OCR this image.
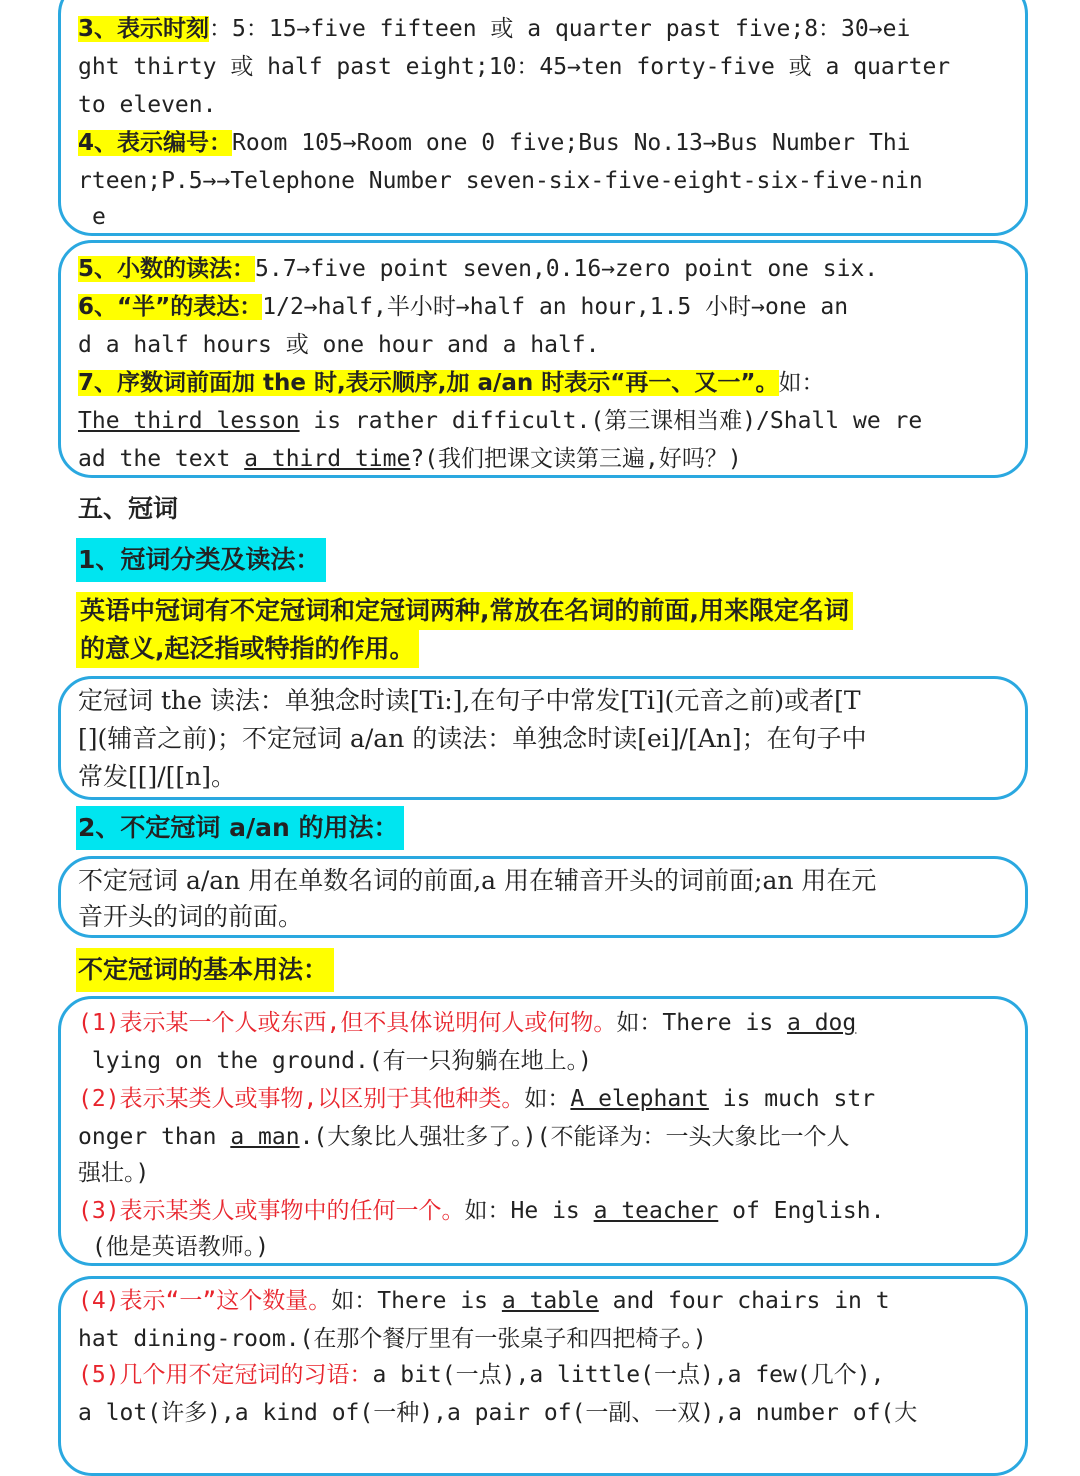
3、表示时刻：5：15→five fifteen 或 a quarter past five;8：30→ei
ght thirty 或 half past eight;10：45→ten forty-five 或 a quarter
to eleven.
4、表示编号：Room 105→Room one 0 five;Bus No.13→Bus Number Thi
rteen;P.5→→Telephone Number seven-six-five-eight-six-five-nin
e
5、小数的读法：5.7→five point seven,0.16→zero point one six.
6、“半”的表达：1/2→half,半小时→half an hour,1.5 小时→one an
d a half hours 或 one hour and a half.
7、序数词前面加 the 时,表示顺序,加 a/an 时表示“再一、又一”。如：
The third lesson is rather difficult.(第三课相当难)/Shall we re
ad the text a third time?(我们把课文读第三遍,好吗？)
五、冠词
1、冠词分类及读法：
英语中冠词有不定冠词和定冠词两种,常放在名词的前面,用来限定名词
的意义,起泛指或特指的作用。
定冠词 the 读法：单独念时读[Ti:],在句子中常发[Ti](元音之前)或者[T
[](辅音之前)；不定冠词 a/an 的读法：单独念时读[ei]/[An]；在句子中
常发[[]/[[n]。
2、不定冠词 a/an 的用法：
不定冠词 a/an 用在单数名词的前面,a 用在辅音开头的词前面;an 用在元
音开头的词的前面。
不定冠词的基本用法：
(1)表示某一个人或东西,但不具体说明何人或何物。如：There is a dog
lying on the ground.(有一只狗躺在地上。)
(2)表示某类人或事物,以区别于其他种类。如：A elephant is much str
onger than a man.(大象比人强壮多了。)(不能译为：一头大象比一个人
强壮。)
(3)表示某类人或事物中的任何一个。如：He is a teacher of English.
(他是英语教师。)
(4)表示“一”这个数量。如：There is a table and four chairs in t
hat dining-room.(在那个餐厅里有一张桌子和四把椅子。)
(5)几个用不定冠词的习语：a bit(一点),a little(一点),a few(几个),
a lot(许多),a kind of(一种),a pair of(一副、一双),a number of(大
